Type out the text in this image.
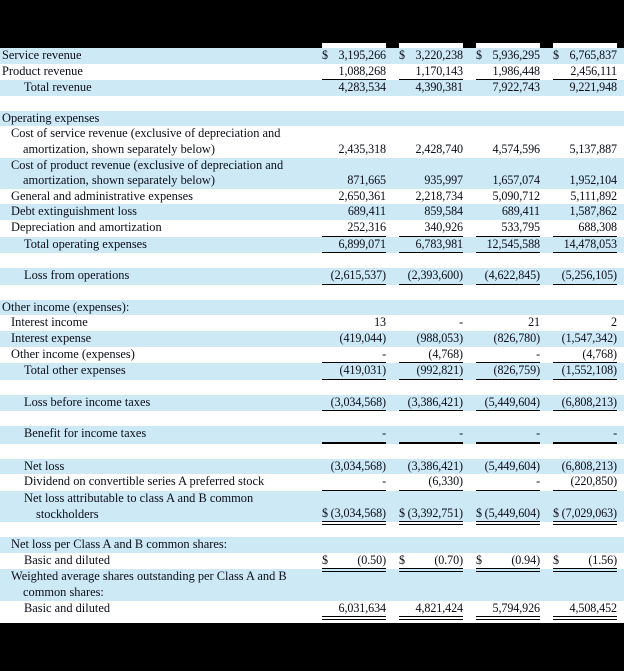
Service revenue	$ 3,195,266 $ 3,220,238 $ 5,936,295 $ 6,765,837
Product revenue	1,088,268 1,170,143 1,986,448	2,456,111
Total revenue	4,283,534 4,390,381 7,922,743 9,221,948
Operating expenses
Cost of service revenue (exclusive of depreciation and
amortization, shown separately below)	2,435,318 2,428,740 4,574,596 5,137,887
Cost of product revenue (exclusive of depreciation and
amortization, shown separately below)	871,665	935,997 1,657,074 1,952,104
General and administrative expenses	2,650,361 2,218,734 5,090,712	5,111,892
Debt extinguishment loss	689,411	859,584	689,411 1,587,862
Depreciation and amortization	252,316	340,926	533,795	688,308
Total operating expenses	6,899,071 6,783,981 12,545,588 14,478,053
Loss from operations	(2,615,537) (2,393,600) (4,622,845) (5,256,105)
Other income (expenses):
Interest income	13	-	21	2
Interest expense	(419,044)	(988,053)	(826,780) (1,547,342)
Other income (expenses)	-	(4,768)	-	(4,768)
Total other expenses	(419,031)	(992,821)	(826,759) (1,552,108)
Loss before income taxes	(3,034,568) (3,386,421) (5,449,604) (6,808,213)
Benefit for income taxes	-	-	-	-
Net loss	(3,034,568) (3,386,421) (5,449,604) (6,808,213)
Dividend on convertible series A preferred stock	-	(6,330)	-	(220,850)
Net loss attributable to class A and B common
stockholders	$ (3,034,568) $ (3,392,751) $ (5,449,604) $ (7,029,063)
Net loss per Class A and B common shares:
Basic and diluted	$ (0.50) $ (0.70) $ (0.94) $ (1.56)
Weighted average shares outstanding per Class A and B
common shares:
Basic and diluted	6,031,634 4,821,424 5,794,926 4,508,452
